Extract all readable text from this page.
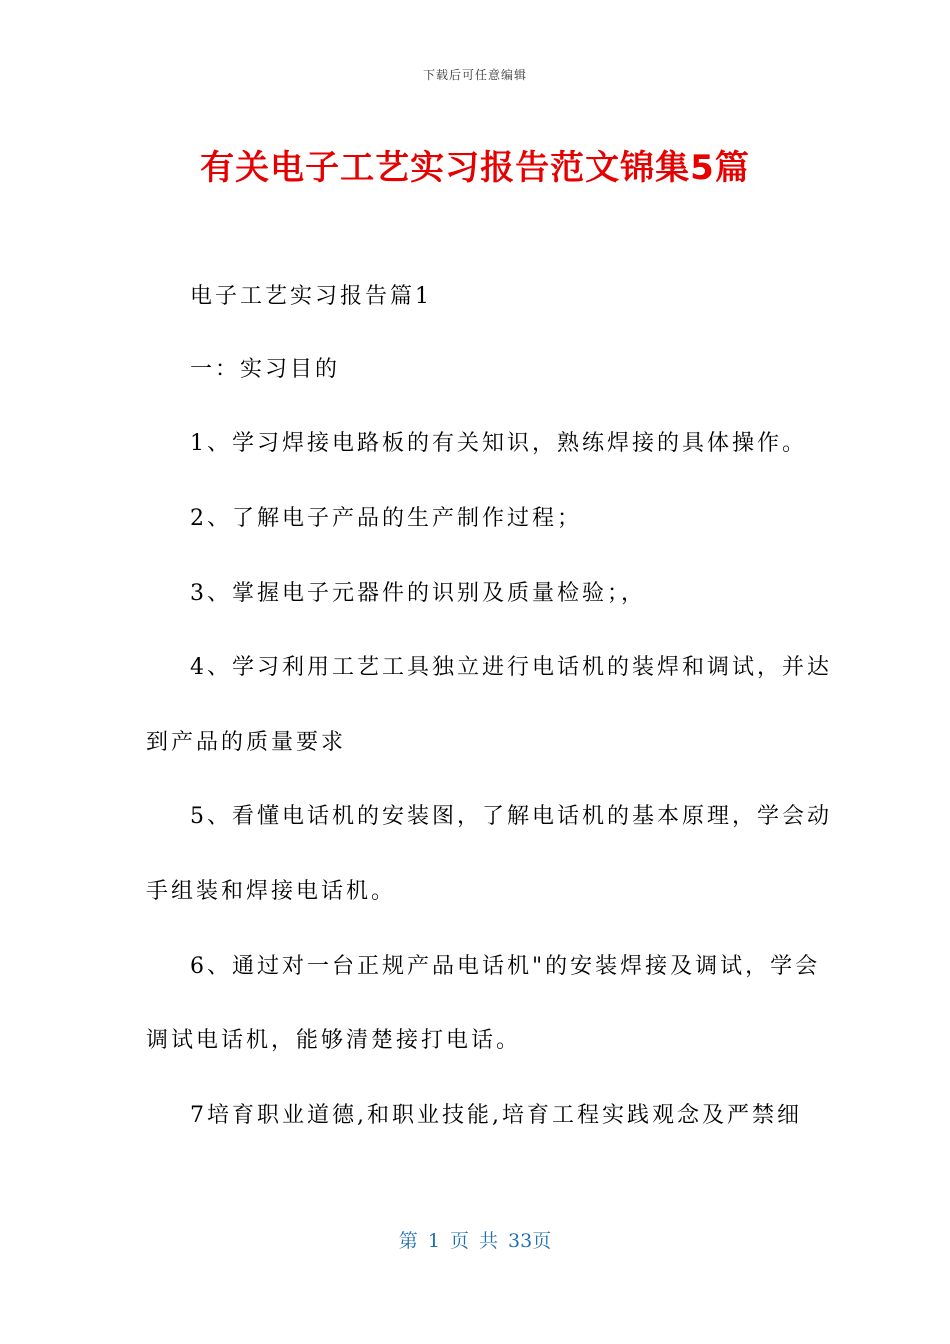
下载后可任意编辑
有关电子工艺实习报告范文锦集5篇
电子工艺实习报告篇1
一：实习目的
1、学习焊接电路板的有关知识，熟练焊接的具体操作。
2、了解电子产品的生产制作过程；
3、掌握电子元器件的识别及质量检验；，
4、学习利用工艺工具独立进行电话机的装焊和调试，并达
到产品的质量要求
5、看懂电话机的安装图，了解电话机的基本原理，学会动
手组装和焊接电话机。
6、通过对一台正规产品电话机"的安装焊接及调试，学会
调试电话机，能够清楚接打电话。
7培育职业道德,和职业技能,培育工程实践观念及严禁细
第 1 页 共 33页
